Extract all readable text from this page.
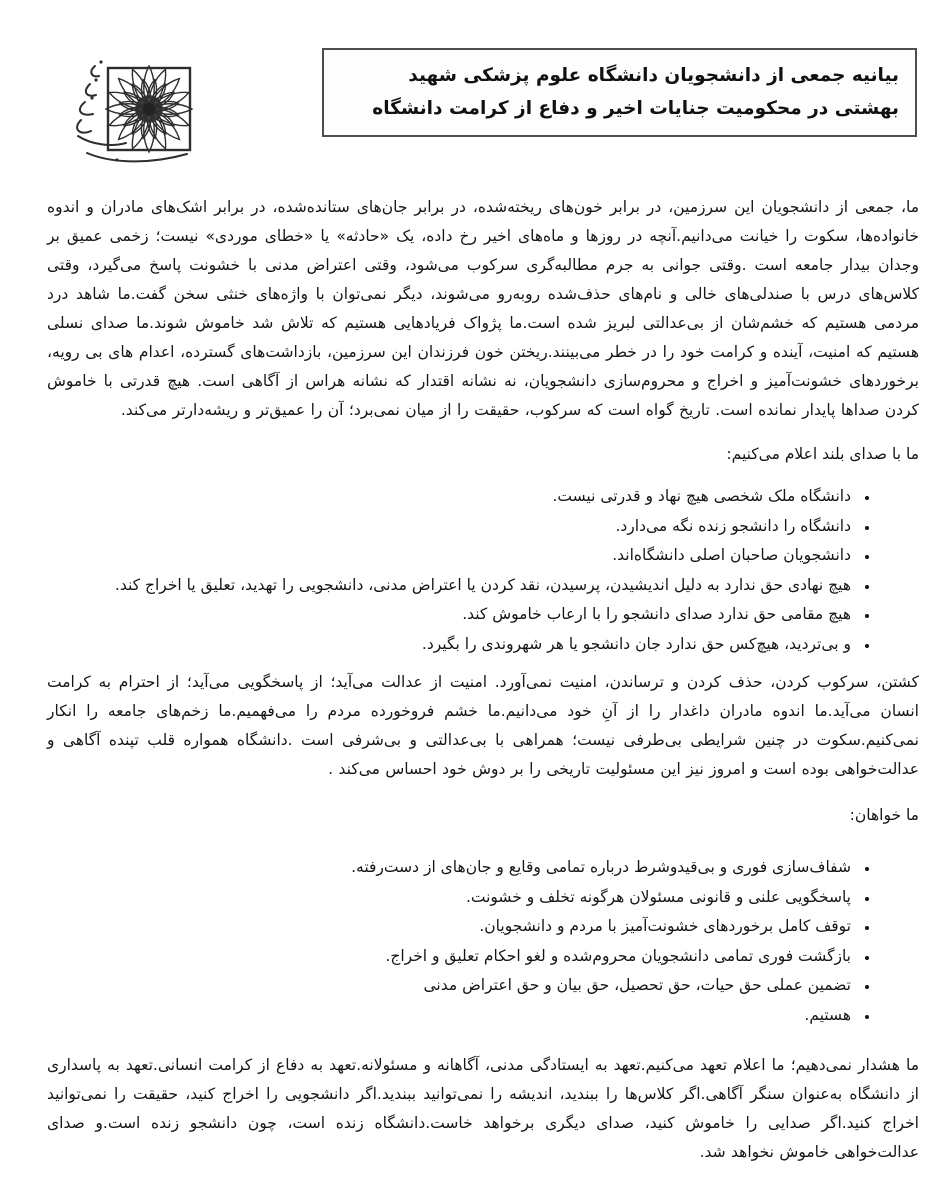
بیانیه جمعی از دانشجویان دانشگاه علوم پزشکی شهید بهشتی در محکومیت جنایات اخیر و دفاع از کرامت دانشگاه

ما، جمعی از دانشجویان این سرزمین، در برابر خون‌های ریخته‌شده، در برابر جان‌های ستانده‌شده، در برابر اشک‌های مادران و اندوه خانواده‌ها، سکوت را خیانت می‌دانیم.آنچه در روزها و ماه‌های اخیر رخ داده، یک «حادثه» یا «خطای موردی» نیست؛ زخمی عمیق بر وجدان بیدار جامعه است .وقتی جوانی به جرم مطالبه‌گری سرکوب می‌شود، وقتی اعتراض مدنی با خشونت پاسخ می‌گیرد، وقتی کلاس‌های درس با صندلی‌های خالی و نام‌های حذف‌شده روبه‌رو می‌شوند، دیگر نمی‌توان با واژه‌های خنثی سخن گفت.ما شاهد درد مردمی هستیم که خشم‌شان از بی‌عدالتی لبریز شده است.ما پژواک فریادهایی هستیم که تلاش شد خاموش شوند.ما صدای نسلی هستیم که امنیت، آینده و کرامت خود را در خطر می‌بینند.ریختن خون فرزندان این سرزمین، بازداشت‌های گسترده، اعدام های بی رویه، برخوردهای خشونت‌آمیز و اخراج و محروم‌سازی دانشجویان، نه نشانه اقتدار که نشانه هراس از آگاهی است. هیچ قدرتی با خاموش کردن صداها پایدار نمانده است. تاریخ گواه است که سرکوب، حقیقت را از میان نمی‌برد؛ آن را عمیق‌تر و ریشه‌دارتر می‌کند.

ما با صدای بلند اعلام می‌کنیم:

• دانشگاه ملک شخصی هیچ نهاد و قدرتی نیست.
• دانشگاه را دانشجو زنده نگه می‌دارد.
• دانشجویان صاحبان اصلی دانشگاه‌اند.
• هیچ نهادی حق ندارد به دلیل اندیشیدن، پرسیدن، نقد کردن یا اعتراض مدنی، دانشجویی را تهدید، تعلیق یا اخراج کند.
• هیچ مقامی حق ندارد صدای دانشجو را با ارعاب خاموش کند.
• و بی‌تردید، هیچ‌کس حق ندارد جان دانشجو یا هر شهروندی را بگیرد.

کشتن، سرکوب کردن، حذف کردن و ترساندن، امنیت نمی‌آورد. امنیت از عدالت می‌آید؛ از پاسخگویی می‌آید؛ از احترام به کرامت انسان می‌آید.ما اندوه مادران داغدار را از آنِ خود می‌دانیم.ما خشم فروخورده مردم را می‌فهمیم.ما زخم‌های جامعه را انکار نمی‌کنیم.سکوت در چنین شرایطی بی‌طرفی نیست؛ همراهی با بی‌عدالتی و بی‌شرفی است .دانشگاه همواره قلب تپنده آگاهی و عدالت‌خواهی بوده است و امروز نیز این مسئولیت تاریخی را بر دوش خود احساس می‌کند .

ما خواهان:

• شفاف‌سازی فوری و بی‌قیدوشرط درباره تمامی وقایع و جان‌های از دست‌رفته.
• پاسخگویی علنی و قانونی مسئولان هرگونه تخلف و خشونت.
• توقف کامل برخوردهای خشونت‌آمیز با مردم و دانشجویان.
• بازگشت فوری تمامی دانشجویان محروم‌شده و لغو احکام تعلیق و اخراج.
• تضمین عملی حق حیات، حق تحصیل، حق بیان و حق اعتراض مدنی
• هستیم.

ما هشدار نمی‌دهیم؛ ما اعلام تعهد می‌کنیم.تعهد به ایستادگی مدنی، آگاهانه و مسئولانه.تعهد به دفاع از کرامت انسانی.تعهد به پاسداری از دانشگاه به‌عنوان سنگر آگاهی.اگر کلاس‌ها را ببندید، اندیشه را نمی‌توانید ببندید.اگر دانشجویی را اخراج کنید، حقیقت را نمی‌توانید اخراج کنید.اگر صدایی را خاموش کنید، صدای دیگری برخواهد خاست.دانشگاه زنده است، چون دانشجو زنده است.و صدای عدالت‌خواهی خاموش نخواهد شد.
